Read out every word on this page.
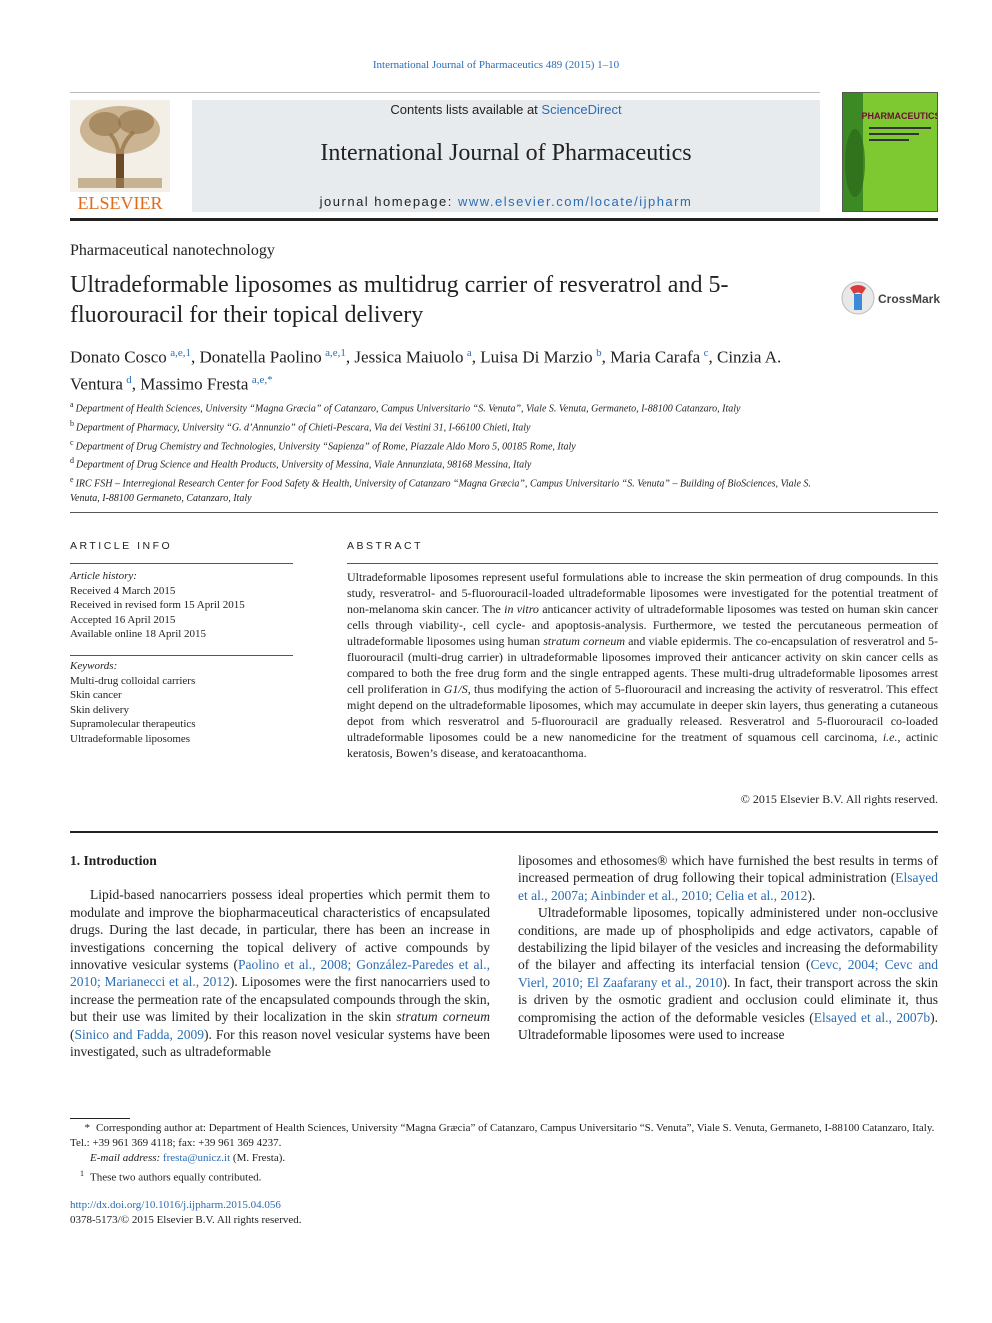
International Journal of Pharmaceutics 489 (2015) 1–10
ELSEVIER
Contents lists available at ScienceDirect
International Journal of Pharmaceutics
journal homepage: www.elsevier.com/locate/ijpharm
PHARMACEUTICS
Pharmaceutical nanotechnology
Ultradeformable liposomes as multidrug carrier of resveratrol and 5-fluorouracil for their topical delivery
CrossMark
Donato Cosco  $^{a,e,1}$, Donatella Paolino  $^{a,e,1}$, Jessica Maiuolo  $^a$, Luisa Di Marzio  $^b$, Maria Carafa  $^c$, Cinzia A. Ventura  $^d$, Massimo Fresta  $^{a,e,*}$
$^a$  Department of Health Sciences, University “Magna Græcia” of Catanzaro, Campus Universitario “S. Venuta”, Viale S. Venuta, Germaneto, I-88100 Catanzaro, Italy
$^b$  Department of Pharmacy, University “G. d’Annunzio” of Chieti-Pescara, Via dei Vestini 31, I-66100 Chieti, Italy
$^c$  Department of Drug Chemistry and Technologies, University “Sapienza” of Rome, Piazzale Aldo Moro 5, 00185 Rome, Italy
$^d$  Department of Drug Science and Health Products, University of Messina, Viale Annunziata, 98168 Messina, Italy
$^e$  IRC FSH – Interregional Research Center for Food Safety & Health, University of Catanzaro “Magna Græcia”, Campus Universitario “S. Venuta” – Building of BioSciences, Viale S. Venuta, I-88100 Germaneto, Catanzaro, Italy
ARTICLE INFO	ABSTRACT
Article history:
Received 4 March 2015
Received in revised form 15 April 2015
Accepted 16 April 2015
Available online 18 April 2015
Keywords:
Multi-drug colloidal carriers
Skin cancer
Skin delivery
Supramolecular therapeutics
Ultradeformable liposomes
Ultradeformable liposomes represent useful formulations able to increase the skin permeation of drug compounds. In this study, resveratrol- and 5-fluorouracil-loaded ultradeformable liposomes were investigated for the potential treatment of non-melanoma skin cancer. The in vitro anticancer activity of ultradeformable liposomes was tested on human skin cancer cells through viability-, cell cycle- and apoptosis-analysis. Furthermore, we tested the percutaneous permeation of ultradeformable liposomes using human stratum corneum and viable epidermis. The co-encapsulation of resveratrol and 5-fluorouracil (multi-drug carrier) in ultradeformable liposomes improved their anticancer activity on skin cancer cells as compared to both the free drug form and the single entrapped agents. These multi-drug ultradeformable liposomes arrest cell proliferation in G1/S, thus modifying the action of 5-fluorouracil and increasing the activity of resveratrol. This effect might depend on the ultradeformable liposomes, which may accumulate in deeper skin layers, thus generating a cutaneous depot from which resveratrol and 5-fluorouracil are gradually released. Resveratrol and 5-fluorouracil co-loaded ultradeformable liposomes could be a new nanomedicine for the treatment of squamous cell carcinoma, i.e., actinic keratosis, Bowen’s disease, and keratoacanthoma.
© 2015 Elsevier B.V. All rights reserved.
1. Introduction

Lipid-based nanocarriers possess ideal properties which permit them to modulate and improve the biopharmaceutical characteristics of encapsulated drugs. During the last decade, in particular, there has been an increase in investigations concerning the topical delivery of active compounds by innovative vesicular systems (Paolino et al., 2008; González-Paredes et al., 2010; Marianecci et al., 2012). Liposomes were the first nanocarriers used to increase the permeation rate of the encapsulated compounds through the skin, but their use was limited by their localization in the skin stratum corneum (Sinico and Fadda, 2009). For this reason novel vesicular systems have been investigated, such as ultradeformable

liposomes and ethosomes® which have furnished the best results in terms of increased permeation of drug following their topical administration (Elsayed et al., 2007a; Ainbinder et al., 2010; Celia et al., 2012).

Ultradeformable liposomes, topically administered under non-occlusive conditions, are made up of phospholipids and edge activators, capable of destabilizing the lipid bilayer of the vesicles and increasing the deformability of the bilayer and affecting its interfacial tension (Cevc, 2004; Cevc and Vierl, 2010; El Zaafarany et al., 2010). In fact, their transport across the skin is driven by the osmotic gradient and occlusion could eliminate it, thus compromising the action of the deformable vesicles (Elsayed et al., 2007b). Ultradeformable liposomes were used to increase

* Corresponding author at: Department of Health Sciences, University “Magna Græcia” of Catanzaro, Campus Universitario “S. Venuta”, Viale S. Venuta, Germaneto, I-88100 Catanzaro, Italy. Tel.: +39 961 369 4118; fax: +39 961 369 4237.
E-mail address: fresta@unicz.it (M. Fresta).
1 These two authors equally contributed.
http://dx.doi.org/10.1016/j.ijpharm.2015.04.056
0378-5173/© 2015 Elsevier B.V. All rights reserved.
